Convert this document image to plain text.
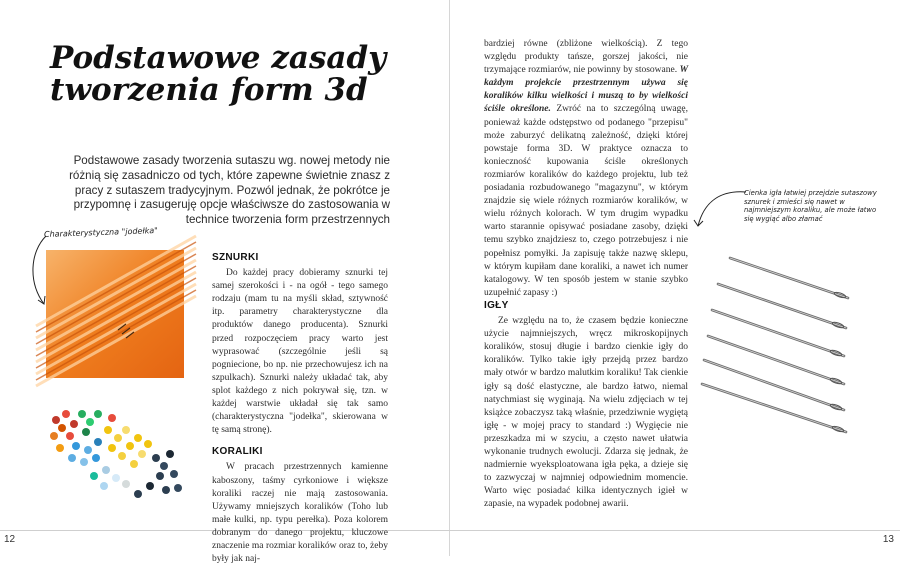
12	13
Podstawowe zasady tworzenia form 3d

Podstawowe zasady tworzenia sutaszu wg. nowej metody nie różnią się zasadniczo od tych, które zapewne świetnie znasz z pracy z sutaszem tradycyjnym. Pozwól jednak, że pokrótce je przypomnę i zasugeruję opcje właściwsze do zastosowania w technice tworzenia form przestrzennych

Charakterystyczna "jodełka"
SZNURKI

Do każdej pracy dobieramy sznurki tej samej szerokości i - na ogół - tego samego rodzaju (mam tu na myśli skład, sztywność itp. parametry charakterystyczne dla produktów danego producenta). Sznurki przed rozpoczęciem pracy warto jest wyprasować (szczególnie jeśli są pogniecione, bo np. nie przechowujesz ich na szpulkach). Sznurki należy układać tak, aby splot każdego z nich pokrywał się, tzn. w każdej warstwie układał się tak samo (charakterystyczna "jodełka", skierowana w tę samą stronę).

KORALIKI

W pracach przestrzennych kamienne kaboszony, taśmy cyrkoniowe i większe koraliki raczej nie mają zastosowania. Używamy mniejszych koralików (Toho lub małe kulki, np. typu perełka). Poza kolorem dobranym do danego projektu, kluczowe znaczenie ma rozmiar koralików oraz to, żeby były jak naj-

bardziej równe (zbliżone wielkością). Z tego względu produkty tańsze, gorszej jakości, nie trzymające rozmiarów, nie powinny by stosowane. W każdym projekcie przestrzennym używa się koralików kilku wielkości i muszą to by wielkości ściśle określone. Zwróć na to szczególną uwagę, ponieważ każde odstępstwo od podanego "przepisu" może zaburzyć delikatną zależność, dzięki której powstaje forma 3D. W praktyce oznacza to konieczność kupowania ściśle określonych rozmiarów koralików do każdego projektu, lub też posiadania rozbudowanego "magazynu", w którym znajdzie się wiele różnych rozmiarów koralików, w wielu różnych kolorach. W tym drugim wypadku warto starannie opisywać posiadane zasoby, dzięki temu szybko znajdziesz to, czego potrzebujesz i nie popełnisz pomyłki. Ja zapisuję także nazwę sklepu, w którym kupiłam dane koraliki, a nawet ich numer katalogowy. W ten sposób jestem w stanie szybko uzupełnić zapasy :)

IGŁY

Ze względu na to, że czasem będzie konieczne użycie najmniejszych, wręcz mikroskopijnych koralików, stosuj długie i bardzo cienkie igły do koralików. Tylko takie igły przejdą przez bardzo mały otwór w bardzo malutkim koraliku! Tak cienkie igły są dość elastyczne, ale bardzo łatwo, niemal natychmiast się wyginają. Na wielu zdjęciach w tej książce zobaczysz taką właśnie, przedziwnie wygiętą igłę - w mojej pracy to standard :) Wygięcie nie przeszkadza mi w szyciu, a często nawet ułatwia wykonanie trudnych ewolucji. Zdarza się jednak, że nadmiernie wyeksploatowana igła pęka, a dzieje się to zazwyczaj w najmniej odpowiednim momencie. Warto więc posiadać kilka identycznych igieł w zapasie, na wypadek podobnej awarii.

Cienka igła łatwiej przejdzie sutaszowy sznurek i zmieści się nawet w najmniejszym koraliku, ale może łatwo się wygiąć albo złamać
